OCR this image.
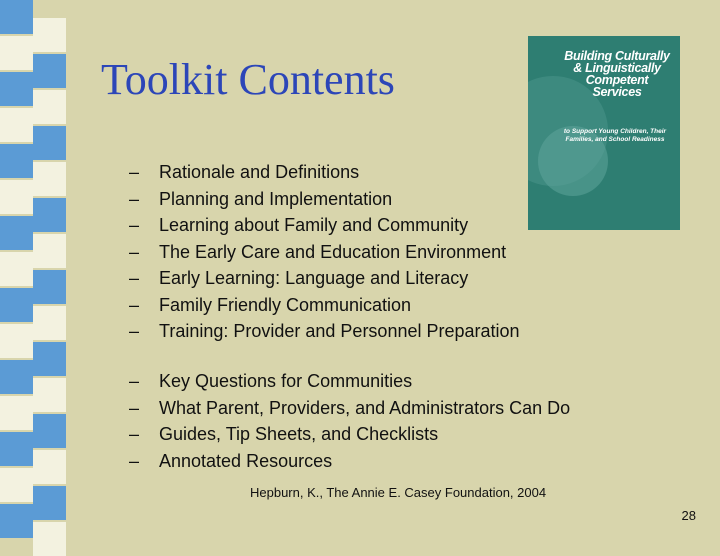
Toolkit Contents	Building Culturally & Linguistically Competent Services
to Support Young Children, Their Families, and School Readiness
– Rationale and Definitions
– Planning and Implementation
– Learning about Family and Community
– The Early Care and Education Environment
– Early Learning: Language and Literacy
– Family Friendly Communication
– Training: Provider and Personnel Preparation
– Key Questions for Communities
– What Parent, Providers, and Administrators Can Do
– Guides, Tip Sheets, and Checklists
– Annotated Resources
Hepburn, K., The Annie E. Casey Foundation, 2004
28
